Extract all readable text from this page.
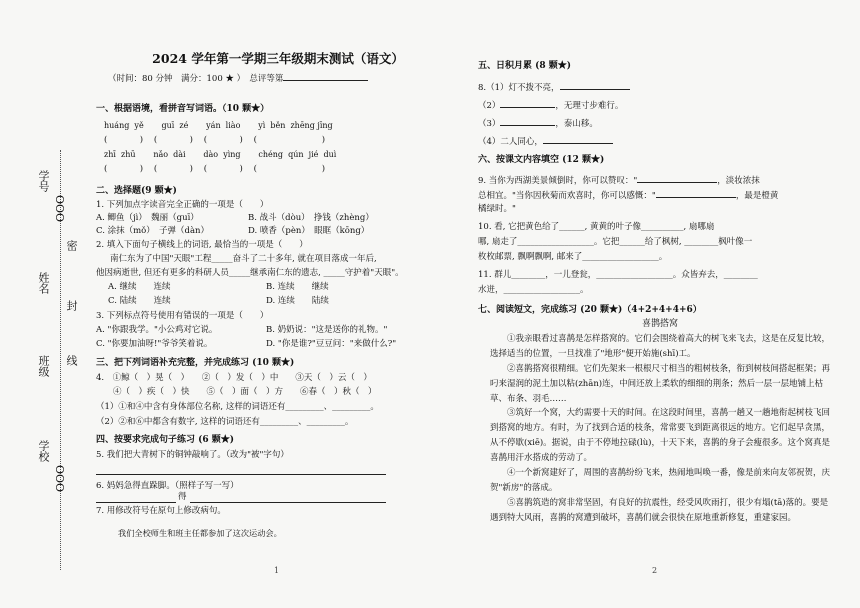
学号
OOO
姓名
班级
学校
OOO
密
封
线
2024 学年第一学期三年级期末测试（语文）
（时间：80 分钟　满分：100 ★ ）　总评等第
一、根据语境，看拼音写词语。（10 颗★）
huáng  yě       guī  zé       yán  liào       yì  běn  zhēng jīng
(            )    (            )    (            )    (                        )
zhī  zhū       nǎo  dài       dào  yìng       chéng  qún  jié  duì
(            )    (            )    (            )    (                        )
二、选择题(9 颗★)
1. 下列加点字读音完全正确的一项是（　　）
A. 鲫鱼（jì）　魏丽（guī）	B. 战斗（dòu）　挣钱（zhèng）
C. 涂抹（mǒ）　子弹（dàn）	D. 喷香（pèn）　眼眶（kōng）
2. 填入下面句子横线上的词语, 最恰当的一项是（　　）
南仁东为了中国"天眼"工程_____奋斗了二十多年, 就在项目落成一年后,
他因病逝世, 但还有更多的科研人员_____继承南仁东的遗志, _____守护着"天眼"。
A. 继续　　连续	B. 连续　　继续
C. 陆续　　连续	D. 连续　　陆续
3. 下列标点符号使用有错误的一项是（　　）
A. "你跟我学。"小公鸡对它说。	B. 奶奶说："这是送你的礼物。"
C. "你要加油呀!"爷爷笑着说。	D. "你是谁?"豆豆问："来做什么?"
三、把下列词语补充完整，并完成练习 (10 颗★)
4.　①鲸（　）晃（　）　　②（　）发（　）中　　③天（　）云（　）
　　④（　）疾（　）快　　⑤（　）面（　）方　　⑥春（　）秋（　）
（1）①和④中含有身体部位名称, 这样的词语还有_________、_________。
（2）②和⑥中都含有数字, 这样的词语还有_________、_________。
四、按要求完成句子练习 (6 颗★)
5. 我们把大青树下的铜钟敲响了。（改为"被"字句）
6. 妈妈急得直跺脚。（照样子写一写）
得
7. 用修改符号在原句上修改病句。
我们全校师生和班主任都参加了这次运动会。
1
五、日积月累 (8 颗★)
8.（1）灯不拨不亮，
（2）	，无理寸步难行。
（3）	，泰山移。
（4）二人同心，
六、按课文内容填空 (12 颗★)
9. 当你为西湖美景倾倒时，你可以赞叹："	，淡妆浓抹
总相宜。"当你因秋菊而欢喜时，你可以感慨："	，最是橙黄
橘绿时。"
10. 看, 它把黄色给了______, 黄黄的叶子像__________, 扇哪扇
哪, 扇走了__________________。它把______给了枫树, ________枫叶像一
枚枚邮票, 飘啊飘啊, 邮来了__________________。
11. 群儿________，一儿登瓮，__________________。众皆弃去，________
水迸，__________________。
七、阅读短文，完成练习 (20 颗★)（4+2+4+4+6）
喜鹊搭窝

①我亲眼看过喜鹊是怎样搭窝的。它们会围绕着高大的树飞来飞去，这是在反复比较，选择适当的位置，一旦找准了"地形"便开始施(shī)工。

②喜鹊搭窝很精细。它们先架来一根根尺寸相当的粗树枝条，衔到树枝间搭起框架；再叼来湿润的泥土加以粘(zhān)连，中间还放上柔软的细细的荆条；然后一层一层地铺上枯草、布条、羽毛……

③筑好一个窝，大约需要十天的时间。在这段时间里，喜鹊一趟又一趟地衔起树枝飞回到搭窝的地方。有时，为了找到合适的枝条，常常要飞到距离很远的地方。它们起早贪黑，从不停歇(xiē)。据说，由于不停地拉碌(lù)，十天下来，喜鹊的身子会瘦很多。这个窝真是喜鹊用汗水搭成的劳动了。

④一个新窝建好了，周围的喜鹊纷纷飞来，热闹地叫唤一番，像是前来向友邻祝贺，庆贺"新房"的落成。

⑤喜鹊筑造的窝非常坚固，有良好的抗震性，经受风吹雨打，很少有塌(tā)落的。要是遇到特大风雨，喜鹊的窝遭到破坏，喜鹊们就会很快在原地重新修复，重建家园。

2
